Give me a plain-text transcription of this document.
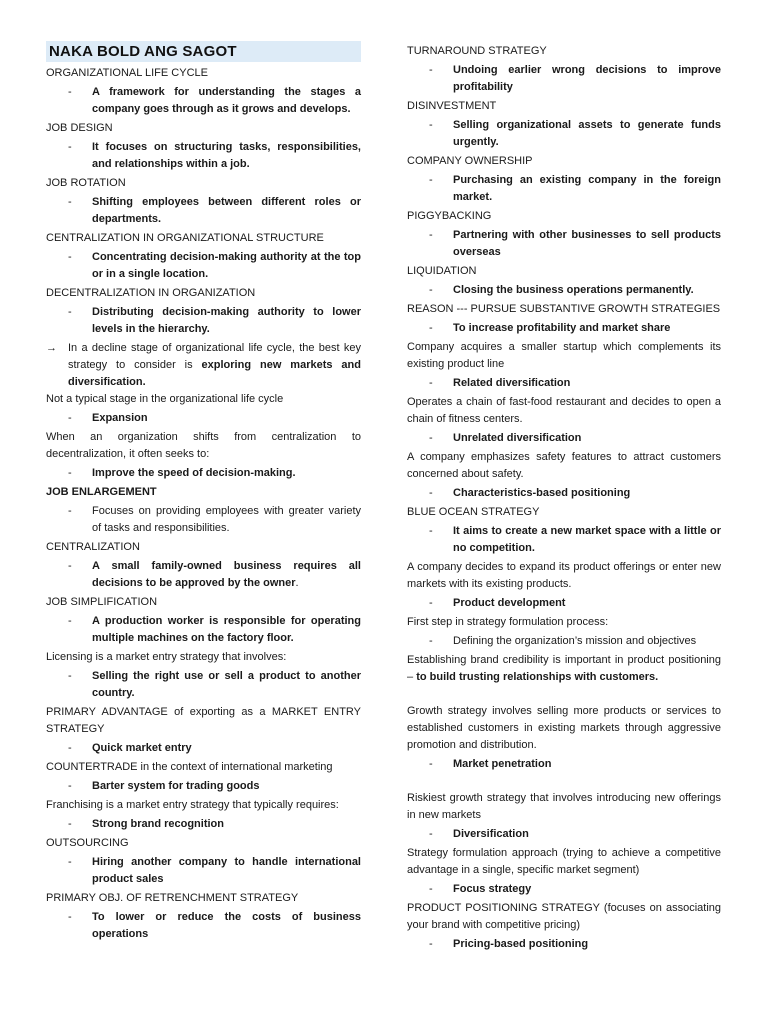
NAKA BOLD ANG SAGOT

ORGANIZATIONAL LIFE CYCLE

-	A framework for understanding the stages a company goes through as it grows and develops.

JOB DESIGN

-	It focuses on structuring tasks, responsibilities, and relationships within a job.

JOB ROTATION

-	Shifting employees between different roles or departments.

CENTRALIZATION IN ORGANIZATIONAL STRUCTURE

-	Concentrating decision-making authority at the top or in a single location.

DECENTRALIZATION IN ORGANIZATION

-	Distributing decision-making authority to lower levels in the hierarchy.
→	In a decline stage of organizational life cycle, the best key strategy to consider is exploring new markets and diversification.

Not a typical stage in the organizational life cycle

-	Expansion

When an organization shifts from centralization to decentralization, it often seeks to:

-	Improve the speed of decision-making.

JOB ENLARGEMENT

-	Focuses on providing employees with greater variety of tasks and responsibilities.

CENTRALIZATION

-	A small family-owned business requires all decisions to be approved by the owner.

JOB SIMPLIFICATION

-	A production worker is responsible for operating multiple machines on the factory floor.

Licensing is a market entry strategy that involves:

-	Selling the right use or sell a product to another country.

PRIMARY ADVANTAGE of exporting as a MARKET ENTRY STRATEGY

-	Quick market entry

COUNTERTRADE in the context of international marketing

-	Barter system for trading goods

Franchising is a market entry strategy that typically requires:

-	Strong brand recognition

OUTSOURCING

-	Hiring another company to handle international product sales

PRIMARY OBJ. OF RETRENCHMENT STRATEGY

-	To lower or reduce the costs of business operations

TURNAROUND STRATEGY

-	Undoing earlier wrong decisions to improve profitability

DISINVESTMENT

-	Selling organizational assets to generate funds urgently.

COMPANY OWNERSHIP

-	Purchasing an existing company in the foreign market.

PIGGYBACKING

-	Partnering with other businesses to sell products overseas

LIQUIDATION

-	Closing the business operations permanently.

REASON --- PURSUE SUBSTANTIVE GROWTH STRATEGIES

-	To increase profitability and market share

Company acquires a smaller startup which complements its existing product line

-	Related diversification

Operates a chain of fast-food restaurant and decides to open a chain of fitness centers.

-	Unrelated diversification

A company emphasizes safety features to attract customers concerned about safety.

-	Characteristics-based positioning

BLUE OCEAN STRATEGY

-	It aims to create a new market space with a little or no competition.

A company decides to expand its product offerings or enter new markets with its existing products.

-	Product development

First step in strategy formulation process:

-	Defining the organization’s mission and objectives

Establishing brand credibility is important in product positioning – to build trusting relationships with customers.

Growth strategy involves selling more products or services to established customers in existing markets through aggressive promotion and distribution.

-	Market penetration

Riskiest growth strategy that involves introducing new offerings in new markets

-	Diversification

Strategy formulation approach (trying to achieve a competitive advantage in a single, specific market segment)

-	Focus strategy

PRODUCT POSITIONING STRATEGY (focuses on associating your brand with competitive pricing)

-	Pricing-based positioning
